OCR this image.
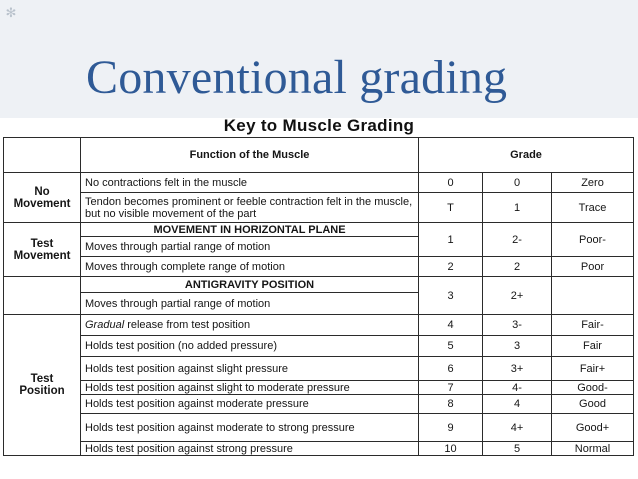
✻
Conventional grading
Key to Muscle Grading
	Function of the Muscle	Grade		
No Movement	No contractions felt in the muscle	0	0	Zero
	Tendon becomes prominent or feeble contraction felt in the muscle, but no visible movement of the part	T	1	Trace
Test Movement	MOVEMENT IN HORIZONTAL PLANE	1	2-	Poor-
	Moves through partial range of motion			
	Moves through complete range of motion	2	2	Poor
	ANTIGRAVITY POSITION	3	2+	
	Moves through partial range of motion			
Test Position	Gradual release from test position	4	3-	Fair-
	Holds test position (no added pressure)	5	3	Fair
	Holds test position against slight pressure	6	3+	Fair+
	Holds test position against slight to moderate pressure	7	4-	Good-
	Holds test position against moderate pressure	8	4	Good
	Holds test position against moderate to strong pressure	9	4+	Good+
	Holds test position against strong pressure	10	5	Normal
